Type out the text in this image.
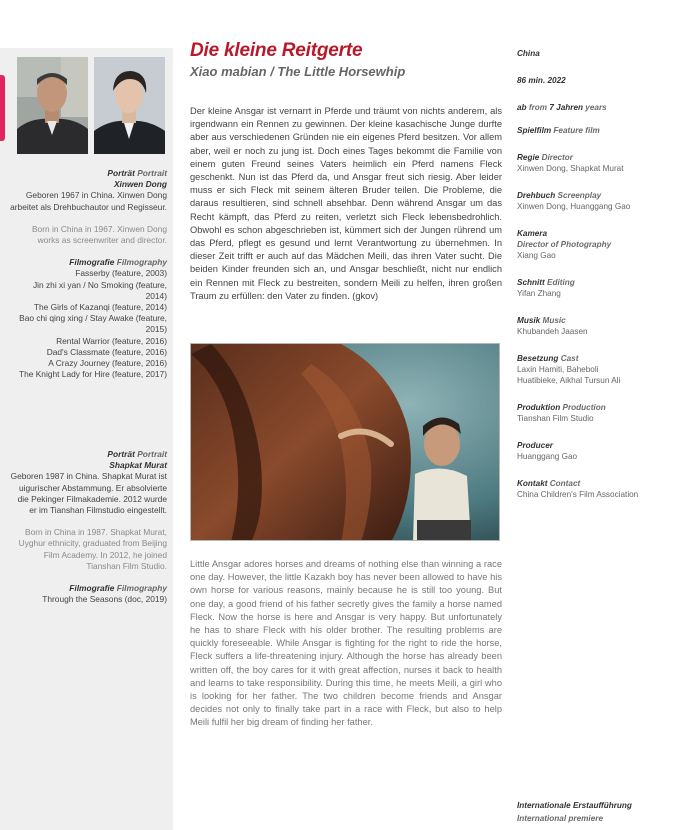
Porträt Portrait
Xinwen Dong
Geboren 1967 in China. Xinwen Dong arbeitet als Drehbuchautor und Regisseur.
Born in China in 1967. Xinwen Dong works as screenwriter and director.
Filmografie Filmography
Fasserby (feature, 2003)
Jin zhi xi yan / No Smoking (feature, 2014)
The Girls of Kazanqi (feature, 2014)
Bao chi qing xing / Stay Awake (feature, 2015)
Rental Warrior (feature, 2016)
Dad's Classmate (feature, 2016)
A Crazy Journey (feature, 2016)
The Knight Lady for Hire (feature, 2017)
Porträt Portrait
Shapkat Murat
Geboren 1987 in China. Shapkat Murat ist uigurischer Abstammung. Er absolvierte die Pekinger Filmakademie. 2012 wurde er im Tianshan Filmstudio eingestellt.
Born in China in 1987. Shapkat Murat, Uyghur ethnicity, graduated from Beijing Film Academy. In 2012, he joined Tianshan Film Studio.
Filmografie Filmography
Through the Seasons (doc, 2019)
Die kleine Reitgerte
Xiao mabian / The Little Horsewhip
Der kleine Ansgar ist vernarrt in Pferde und träumt von nichts anderem, als irgendwann ein Rennen zu gewinnen. Der kleine kasachische Junge durfte aber aus verschiedenen Gründen nie ein eigenes Pferd besitzen. Vor allem aber, weil er noch zu jung ist. Doch eines Tages bekommt die Familie von einem guten Freund seines Vaters heimlich ein Pferd namens Fleck geschenkt. Nun ist das Pferd da, und Ansgar freut sich riesig. Aber leider muss er sich Fleck mit seinem älteren Bruder teilen. Die Probleme, die daraus resultieren, sind schnell absehbar. Denn während Ansgar um das Recht kämpft, das Pferd zu reiten, verletzt sich Fleck lebensbedrohlich. Obwohl es schon abgeschrieben ist, kümmert sich der Jungen rührend um das Pferd, pflegt es gesund und lernt Verantwortung zu übernehmen. In dieser Zeit trifft er auch auf das Mädchen Meili, das ihren Vater sucht. Die beiden Kinder freunden sich an, und Ansgar beschließt, nicht nur endlich ein Rennen mit Fleck zu bestreiten, sondern Meili zu helfen, ihren großen Traum zu erfüllen: den Vater zu finden. (gkov)
Little Ansgar adores horses and dreams of nothing else than winning a race one day. However, the little Kazakh boy has never been allowed to have his own horse for various reasons, mainly because he is still too young. But one day, a good friend of his father secretly gives the family a horse named Fleck. Now the horse is here and Ansgar is very happy. But unfortunately he has to share Fleck with his older brother. The resulting problems are quickly foreseeable. While Ansgar is fighting for the right to ride the horse, Fleck suffers a life-threatening injury. Although the horse has already been written off, the boy cares for it with great affection, nurses it back to health and learns to take responsibility. During this time, he meets Meili, a girl who is looking for her father. The two children become friends and Ansgar decides not only to finally take part in a race with Fleck, but also to help Meili fulfil her big dream of finding her father.
China
86 min. 2022
ab from 7 Jahren years
Spielfilm Feature film
Regie Director
Xinwen Dong, Shapkat Murat
Drehbuch Screenplay
Xinwen Dong, Huanggang Gao
Kamera
Director of Photography
Xiang Gao
Schnitt Editing
Yifan Zhang
Musik Music
Khubandeh Jaasen
Besetzung Cast
Laxin Hamiti, Baheboli Huatibieke, Aikhal Tursun Ali
Produktion Production
Tianshan Film Studio
Producer
Huanggang Gao
Kontakt Contact
China Children's Film Association
Internationale Erstaufführung
International premiere
